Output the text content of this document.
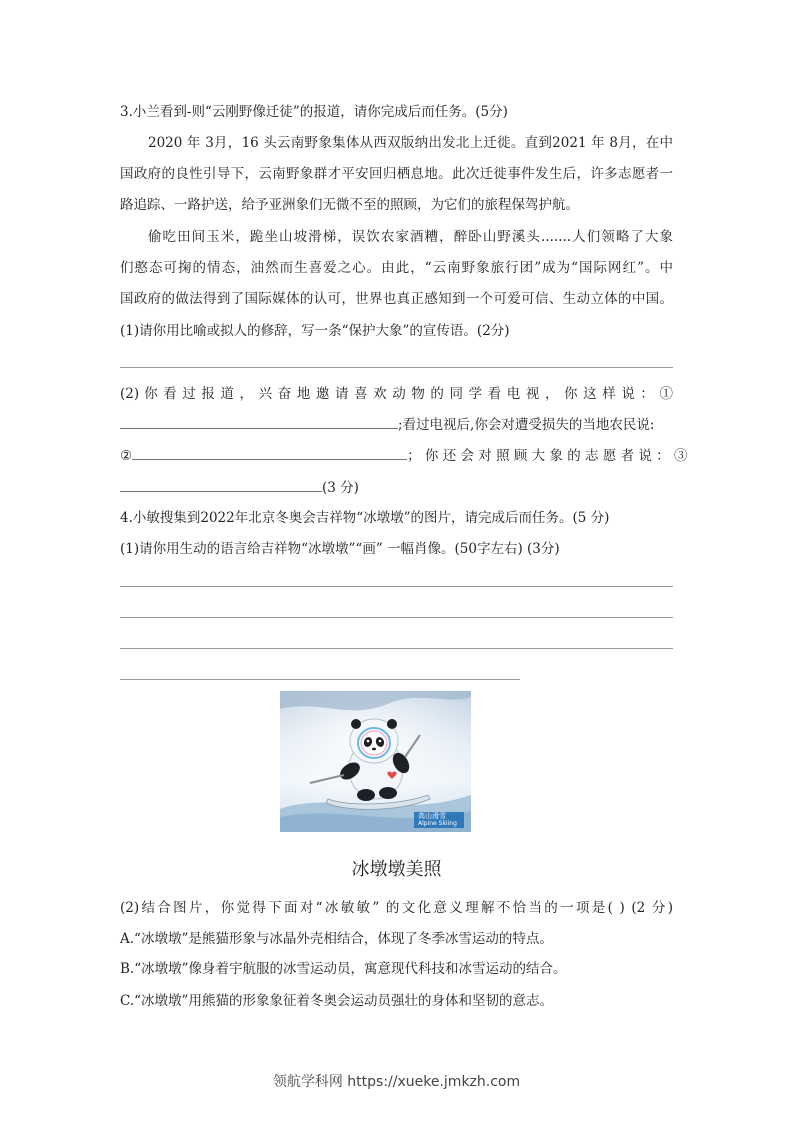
3.小兰看到-则“云刚野像迁徒”的报道，请你完成后而任务。(5分)
2020 年 3月，16 头云南野象集体从西双版纳出发北上迁徙。直到2021 年 8月，在中
国政府的良性引导下，云南野象群才平安回归栖息地。此次迁徙事件发生后，许多志愿者一
路追踪、一路护送，给予亚洲象们无微不至的照顾，为它们的旅程保驾护航。
偷吃田间玉米，跪坐山坡滑梯，误饮农家酒糟，醉卧山野溪头.......人们领略了大象
们憨态可掬的情态，油然而生喜爱之心。由此，“云南野象旅行团”成为“国际网红”。中
国政府的做法得到了国际媒体的认可，世界也真正感知到一个可爱可信、生动立体的中国。
(1)请你用比喻或拟人的修辞，写一条“保护大象”的宣传语。(2分)
(2) 你 看 过 报 道 ， 兴 奋 地 邀 请 喜 欢 动 物 的 同 学 看 电 视 ， 你 这 样 说 ： ①
;看过电视后,你会对遭受损失的当地农民说:
②	； 你 还 会 对 照 顾 大 象 的 志 愿 者 说 ： ③
(3 分)
4.小敏搜集到2022年北京冬奥会吉祥物“冰墩墩”的图片，请完成后而任务。(5 分)
(1)请你用生动的语言给吉祥物“冰墩墩”“画” 一幅肖像。(50字左右) (3分)
高山滑雪
Alpine Skiing
冰墩墩美照
(2)结合图片，你觉得下面对“冰敏敏” 的文化意义理解不恰当的一项是( ) (2 分)
A.“冰墩墩”是熊猫形象与冰晶外壳相结合，体现了冬季冰雪运动的特点。
B.“冰墩墩”像身着宇航服的冰雪运动员，寓意现代科技和冰雪运动的结合。
C.“冰墩墩”用熊猫的形象象征着冬奥会运动员强壮的身体和坚韧的意志。
领航学科网 https://xueke.jmkzh.com
